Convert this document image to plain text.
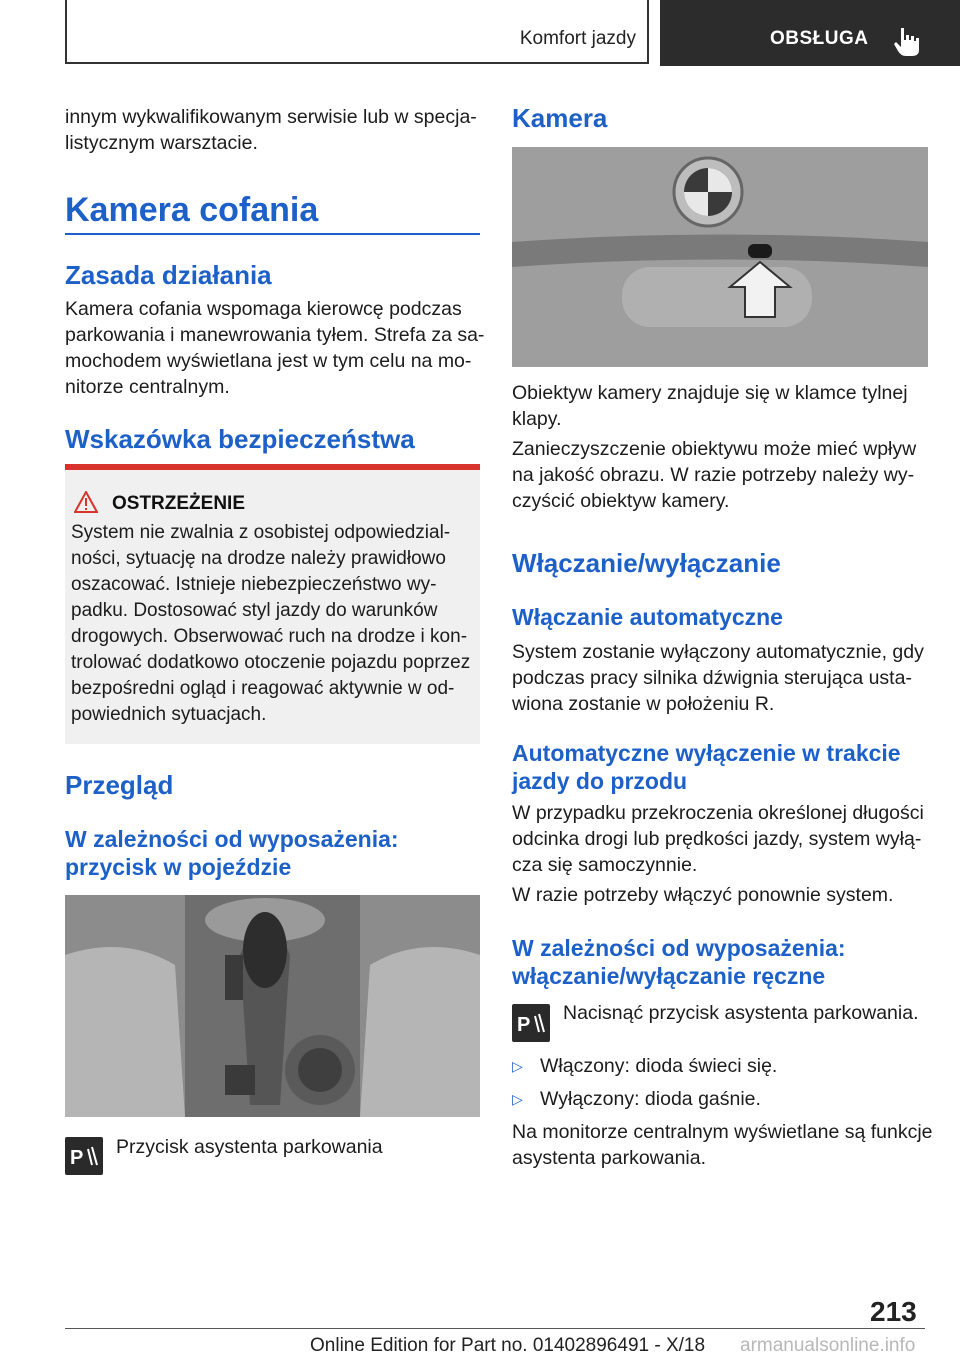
Komfort jazdy	OBSŁUGA
innym wykwalifikowanym serwisie lub w specja-
listycznym warsztacie.
Kamera cofania
Zasada działania
Kamera cofania wspomaga kierowcę podczas
parkowania i manewrowania tyłem. Strefa za sa-
mochodem wyświetlana jest w tym celu na mo-
nitorze centralnym.
Wskazówka bezpieczeństwa
OSTRZEŻENIE
System nie zwalnia z osobistej odpowiedzial-
ności, sytuację na drodze należy prawidłowo
oszacować. Istnieje niebezpieczeństwo wy-
padku. Dostosować styl jazdy do warunków
drogowych. Obserwować ruch na drodze i kon-
trolować dodatkowo otoczenie pojazdu poprzez
bezpośredni ogląd i reagować aktywnie w od-
powiednich sytuacjach.
Przegląd
W zależności od wyposażenia:
przycisk w pojeździe
P Przycisk asystenta parkowania
Kamera
Obiektyw kamery znajduje się w klamce tylnej
klapy.
Zanieczyszczenie obiektywu może mieć wpływ
na jakość obrazu. W razie potrzeby należy wy-
czyścić obiektyw kamery.
Włączanie/wyłączanie
Włączanie automatyczne
System zostanie wyłączony automatycznie, gdy
podczas pracy silnika dźwignia sterująca usta-
wiona zostanie w położeniu R.
Automatyczne wyłączenie w trakcie
jazdy do przodu
W przypadku przekroczenia określonej długości
odcinka drogi lub prędkości jazdy, system wyłą-
cza się samoczynnie.
W razie potrzeby włączyć ponownie system.
W zależności od wyposażenia:
włączanie/wyłączanie ręczne
P
Nacisnąć przycisk asystenta parkowania.
▷ Włączony: dioda świeci się.
▷ Wyłączony: dioda gaśnie.
Na monitorze centralnym wyświetlane są funkcje
asystenta parkowania.
213
Online Edition for Part no. 01402896491 - X/18 armanualsonline.info
